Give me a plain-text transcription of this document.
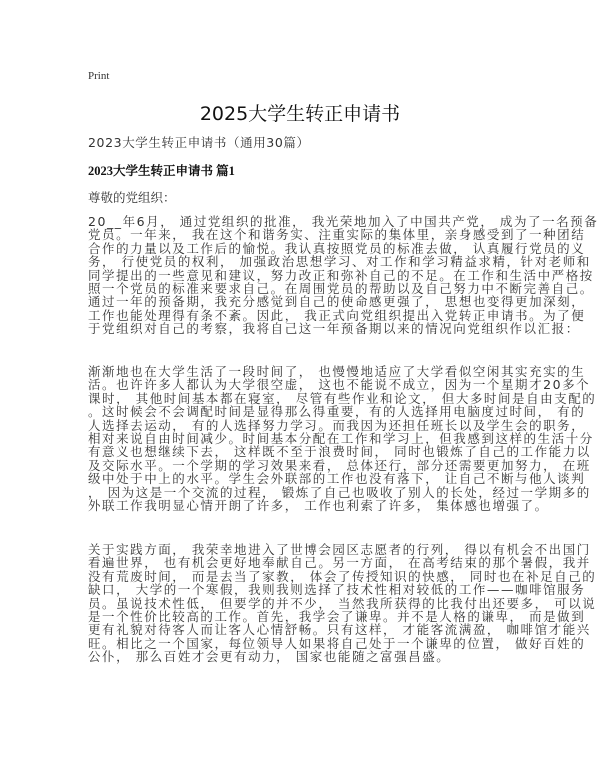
Print
2025大学生转正申请书
2023大学生转正申请书（通用30篇）
2023大学生转正申请书 篇1
尊敬的党组织：
20__年6月， 通过党组织的批准， 我光荣地加入了中国共产党， 成为了一名预备
党员。一年来， 我在这个和谐务实、注重实际的集体里，亲身感受到了一种团结
合作的力量以及工作后的愉悦。我认真按照党员的标准去做， 认真履行党员的义
务， 行使党员的权利， 加强政治思想学习、对工作和学习精益求精，针对老师和
同学提出的一些意见和建议，努力改正和弥补自己的不足。在工作和生活中严格按
照一个党员的标准来要求自己。在周围党员的帮助以及自己努力中不断完善自己。
通过一年的预备期，我充分感觉到自己的使命感更强了， 思想也变得更加深刻，
工作也能处理得有条不紊。因此， 我正式向党组织提出入党转正申请书。为了便
于党组织对自己的考察，我将自己这一年预备期以来的情况向党组织作以汇报：
渐渐地也在大学生活了一段时间了， 也慢慢地适应了大学看似空闲其实充实的生
活。也许许多人都认为大学很空虚， 这也不能说不成立，因为一个星期才20多个
课时， 其他时间基本都在寝室， 尽管有些作业和论文， 但大多时间是自由支配的
。这时候会不会调配时间是显得那么得重要，有的人选择用电脑度过时间， 有的
人选择去运动， 有的人选择努力学习。而我因为还担任班长以及学生会的职务，
相对来说自由时间减少。时间基本分配在工作和学习上，但我感到这样的生活十分
有意义也想继续下去， 这样既不至于浪费时间， 同时也锻炼了自己的工作能力以
及交际水平。一个学期的学习效果来看， 总体还行，部分还需要更加努力， 在班
级中处于中上的水平。学生会外联部的工作也没有落下， 让自己不断与他人谈判
， 因为这是一个交流的过程， 锻炼了自己也吸收了别人的长处，经过一学期多的
外联工作我明显心情开朗了许多， 工作也利索了许多， 集体感也增强了。
关于实践方面， 我荣幸地进入了世博会园区志愿者的行列， 得以有机会不出国门
看遍世界， 也有机会更好地奉献自己。另一方面， 在高考结束的那个暑假，我并
没有荒废时间， 而是去当了家教， 体会了传授知识的快感， 同时也在补足自己的
缺口， 大学的一个寒假，我则我则选择了技术性相对较低的工作——咖啡馆服务
员。虽说技术性低， 但要学的并不少， 当然我所获得的比我付出还要多， 可以说
是一个性价比较高的工作。首先，我学会了谦卑。并不是人格的谦卑， 而是做到
更有礼貌对待客人而让客人心情舒畅。只有这样， 才能客流满盈， 咖啡馆才能兴
旺。相比之一个国家，每位领导人如果将自己处于一个谦卑的位置， 做好百姓的
公仆， 那么百姓才会更有动力， 国家也能随之富强昌盛。
